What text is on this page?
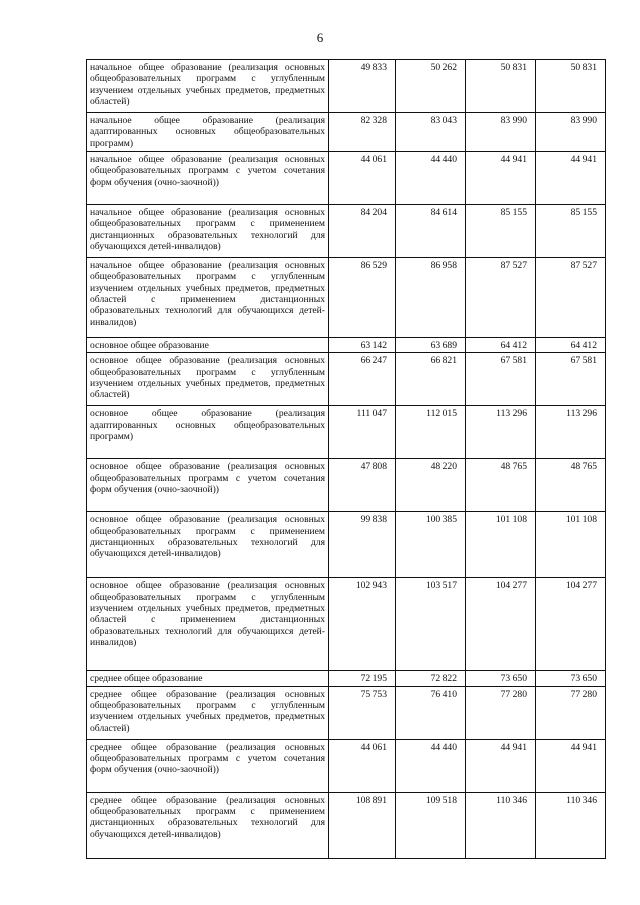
6
начальное общее образование (реализация основных общеобразовательных программ с углубленным изучением отдельных учебных предметов, предметных областей)	49 833	50 262	50 831	50 831
начальное общее образование (реализация адаптированных основных общеобразовательных программ)	82 328	83 043	83 990	83 990
начальное общее образование (реализация основных общеобразовательных программ с учетом сочетания форм обучения (очно-заочной))	44 061	44 440	44 941	44 941
начальное общее образование (реализация основных общеобразовательных программ с применением дистанционных образовательных технологий для обучающихся детей-инвалидов)	84 204	84 614	85 155	85 155
начальное общее образование (реализация основных общеобразовательных программ с углубленным изучением отдельных учебных предметов, предметных областей с применением дистанционных образовательных технологий для обучающихся детей-инвалидов)	86 529	86 958	87 527	87 527
основное общее образование	63 142	63 689	64 412	64 412
основное общее образование (реализация основных общеобразовательных программ с углубленным изучением отдельных учебных предметов, предметных областей)	66 247	66 821	67 581	67 581
основное общее образование (реализация адаптированных основных общеобразовательных программ)	111 047	112 015	113 296	113 296
основное общее образование (реализация основных общеобразовательных программ с учетом сочетания форм обучения (очно-заочной))	47 808	48 220	48 765	48 765
основное общее образование (реализация основных общеобразовательных программ с применением дистанционных образовательных технологий для обучающихся детей-инвалидов)	99 838	100 385	101 108	101 108
основное общее образование (реализация основных общеобразовательных программ с углубленным изучением отдельных учебных предметов, предметных областей с применением дистанционных образовательных технологий для обучающихся детей-инвалидов)	102 943	103 517	104 277	104 277
среднее общее образование	72 195	72 822	73 650	73 650
среднее общее образование (реализация основных общеобразовательных программ с углубленным изучением отдельных учебных предметов, предметных областей)	75 753	76 410	77 280	77 280
среднее общее образование (реализация основных общеобразовательных программ с учетом сочетания форм обучения (очно-заочной))	44 061	44 440	44 941	44 941
среднее общее образование (реализация основных общеобразовательных программ с применением дистанционных образовательных технологий для обучающихся детей-инвалидов)	108 891	109 518	110 346	110 346
